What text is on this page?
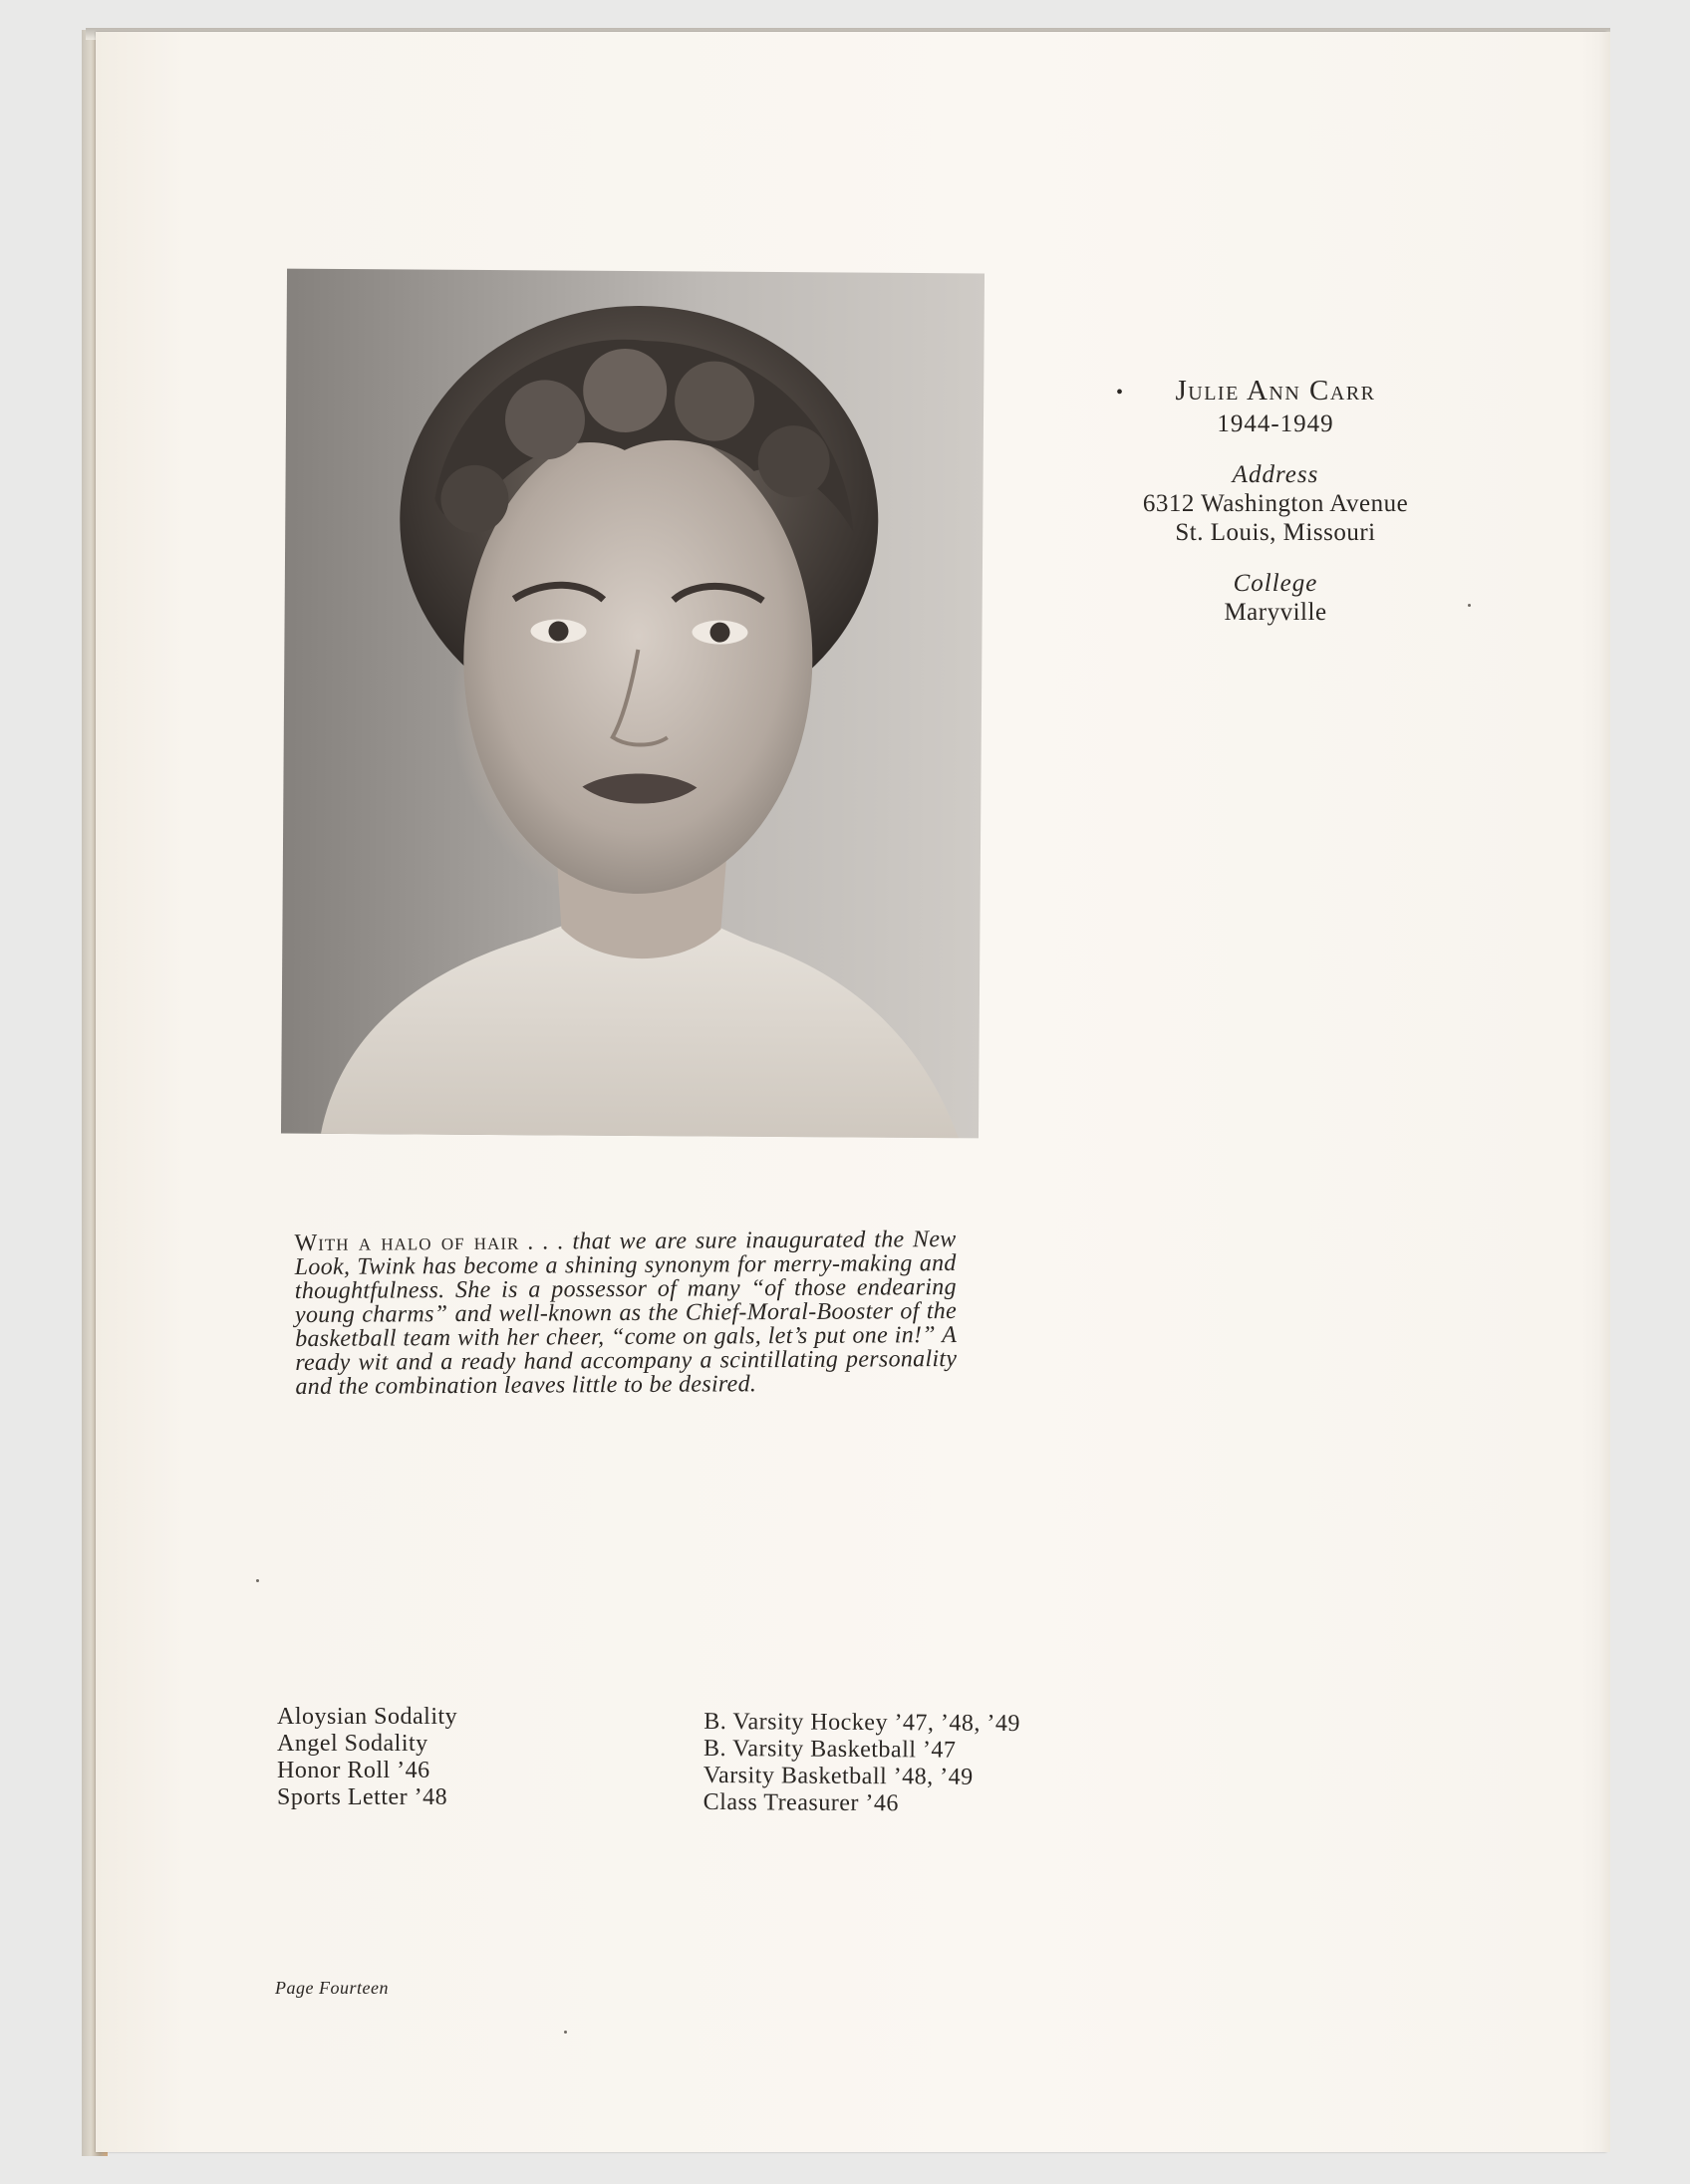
• Julie Ann Carr
1944-1949
Address
6312 Washington Avenue
St. Louis, Missouri
College
Maryville
With a halo of hair . . . that we are sure inaugurated the New Look, Twink has become a shining synonym for merry-making and thoughtfulness. She is a possessor of many “of those endearing young charms” and well-known as the Chief-Moral-Booster of the basketball team with her cheer, “come on gals, let’s put one in!” A ready wit and a ready hand accompany a scintillating personality and the combination leaves little to be desired.
Aloysian Sodality
Angel Sodality
Honor Roll ’46
Sports Letter ’48
B. Varsity Hockey ’47, ’48, ’49
B. Varsity Basketball ’47
Varsity Basketball ’48, ’49
Class Treasurer ’46
Page Fourteen
